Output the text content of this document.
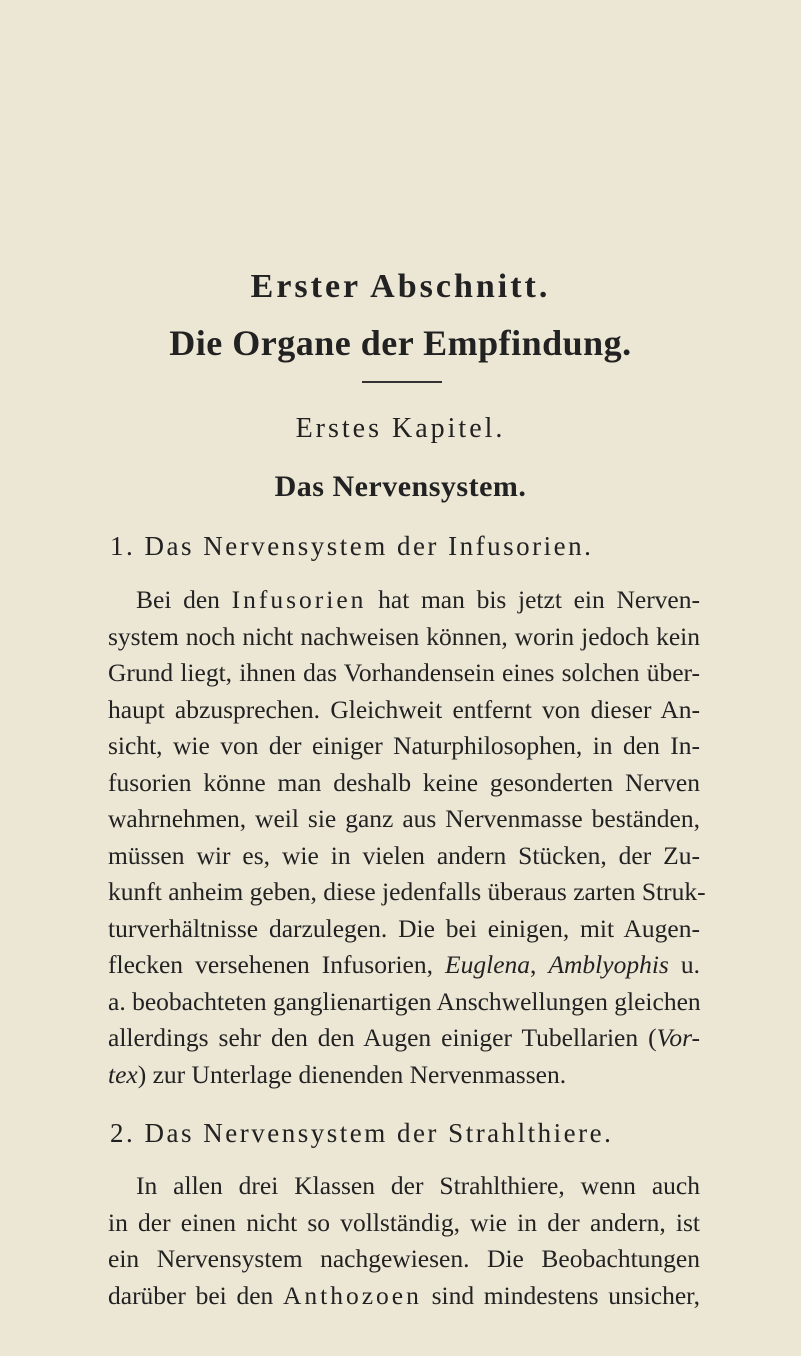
Erster Abschnitt.
Die Organe der Empfindung.
Erstes Kapitel.
Das Nervensystem.
1. Das Nervensystem der Infusorien.
Bei den Infusorien hat man bis jetzt ein Nerven-
system noch nicht nachweisen können, worin jedoch kein
Grund liegt, ihnen das Vorhandensein eines solchen über-
haupt abzusprechen. Gleichweit entfernt von dieser An-
sicht, wie von der einiger Naturphilosophen, in den In-
fusorien könne man deshalb keine gesonderten Nerven
wahrnehmen, weil sie ganz aus Nervenmasse beständen,
müssen wir es, wie in vielen andern Stücken, der Zu-
kunft anheim geben, diese jedenfalls überaus zarten Struk-
turverhältnisse darzulegen. Die bei einigen, mit Augen-
flecken versehenen Infusorien, Euglena, Amblyophis u.
a. beobachteten ganglienartigen Anschwellungen gleichen
allerdings sehr den den Augen einiger Tubellarien (Vor-
tex) zur Unterlage dienenden Nervenmassen.
2. Das Nervensystem der Strahlthiere.
In allen drei Klassen der Strahlthiere, wenn auch
in der einen nicht so vollständig, wie in der andern, ist
ein Nervensystem nachgewiesen. Die Beobachtungen
darüber bei den Anthozoen sind mindestens unsicher,
